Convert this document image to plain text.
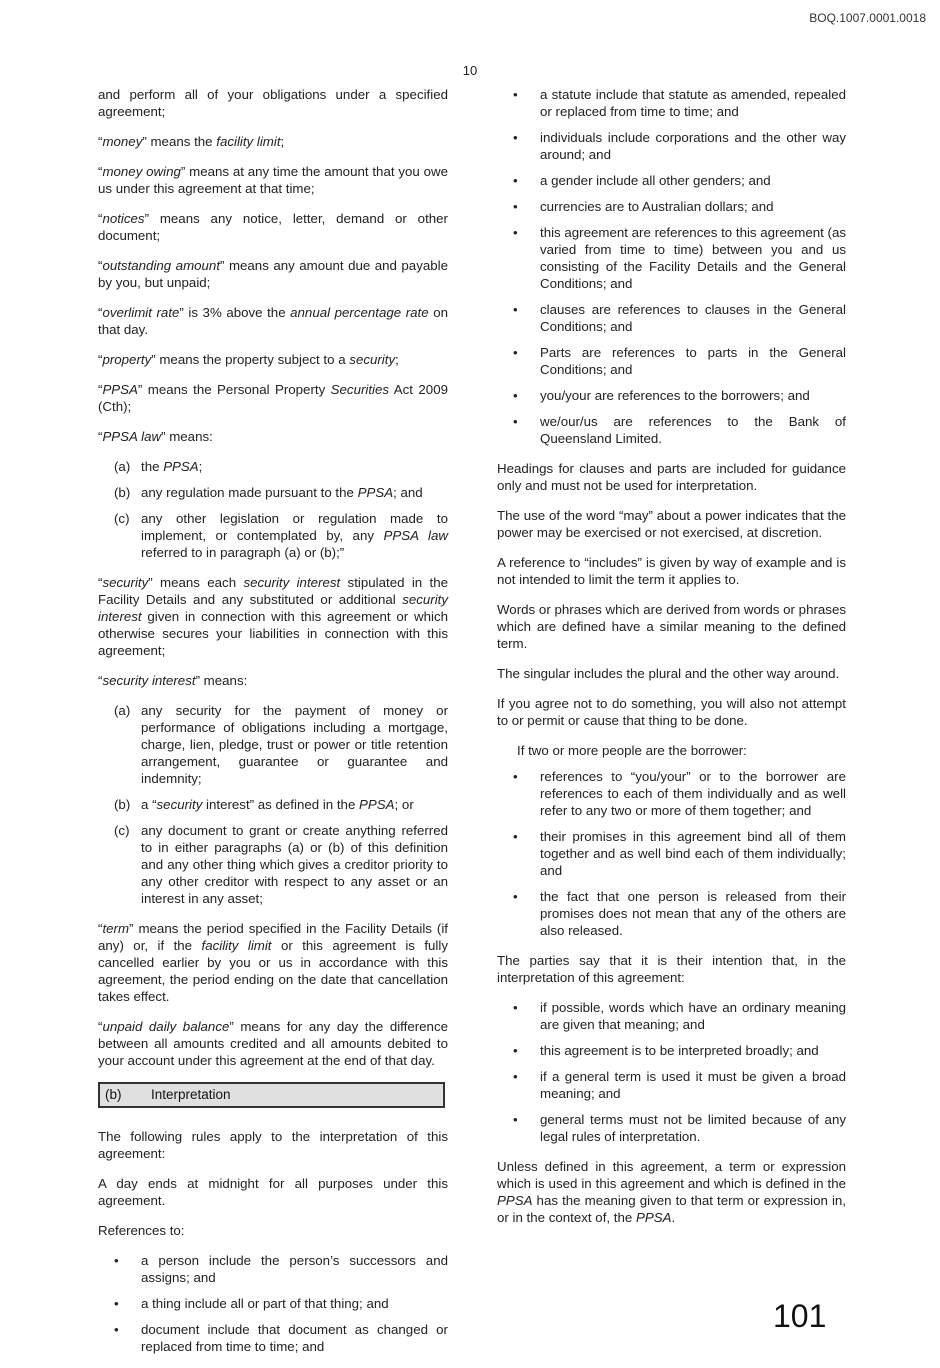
BOQ.1007.0001.0018
10

and perform all of your obligations under a specified agreement;

“money” means the facility limit;

“money owing” means at any time the amount that you owe us under this agreement at that time;

“notices” means any notice, letter, demand or other document;

“outstanding amount” means any amount due and payable by you, but unpaid;

“overlimit rate” is 3% above the annual percentage rate on that day.

“property” means the property subject to a security;

“PPSA” means the Personal Property Securities Act 2009 (Cth);

“PPSA law” means:

(a) the PPSA;
(b) any regulation made pursuant to the PPSA; and
(c) any other legislation or regulation made to implement, or contemplated by, any PPSA law referred to in paragraph (a) or (b);”

“security” means each security interest stipulated in the Facility Details and any substituted or additional security interest given in connection with this agreement or which otherwise secures your liabilities in connection with this agreement;

“security interest” means:

(a) any security for the payment of money or performance of obligations including a mortgage, charge, lien, pledge, trust or power or title retention arrangement, guarantee or guarantee and indemnity;
(b) a “security interest” as defined in the PPSA; or
(c) any document to grant or create anything referred to in either paragraphs (a) or (b) of this definition and any other thing which gives a creditor priority to any other creditor with respect to any asset or an interest in any asset;

“term” means the period specified in the Facility Details (if any) or, if the facility limit or this agreement is fully cancelled earlier by you or us in accordance with this agreement, the period ending on the date that cancellation takes effect.

“unpaid daily balance” means for any day the difference between all amounts credited and all amounts debited to your account under this agreement at the end of that day.

(b)	Interpretation

The following rules apply to the interpretation of this agreement:

A day ends at midnight for all purposes under this agreement.

References to:

• a person include the person’s successors and assigns; and
• a thing include all or part of that thing; and
• document include that document as changed or replaced from time to time; and
• a statute include that statute as amended, repealed or replaced from time to time; and
• individuals include corporations and the other way around; and
• a gender include all other genders; and
• currencies are to Australian dollars; and
• this agreement are references to this agreement (as varied from time to time) between you and us consisting of the Facility Details and the General Conditions; and
• clauses are references to clauses in the General Conditions; and
• Parts are references to parts in the General Conditions; and
• you/your are references to the borrowers; and
• we/our/us are references to the Bank of Queensland Limited.

Headings for clauses and parts are included for guidance only and must not be used for interpretation.

The use of the word “may” about a power indicates that the power may be exercised or not exercised, at discretion.

A reference to “includes” is given by way of example and is not intended to limit the term it applies to.

Words or phrases which are derived from words or phrases which are defined have a similar meaning to the defined term.

The singular includes the plural and the other way around.

If you agree not to do something, you will also not attempt to or permit or cause that thing to be done.

If two or more people are the borrower:
• references to “you/your” or to the borrower are references to each of them individually and as well refer to any two or more of them together; and
• their promises in this agreement bind all of them together and as well bind each of them individually; and
• the fact that one person is released from their promises does not mean that any of the others are also released.

The parties say that it is their intention that, in the interpretation of this agreement:

• if possible, words which have an ordinary meaning are given that meaning; and
• this agreement is to be interpreted broadly; and
• if a general term is used it must be given a broad meaning; and
• general terms must not be limited because of any legal rules of interpretation.

Unless defined in this agreement, a term or expression which is used in this agreement and which is defined in the PPSA has the meaning given to that term or expression in, or in the context of, the PPSA.

101
